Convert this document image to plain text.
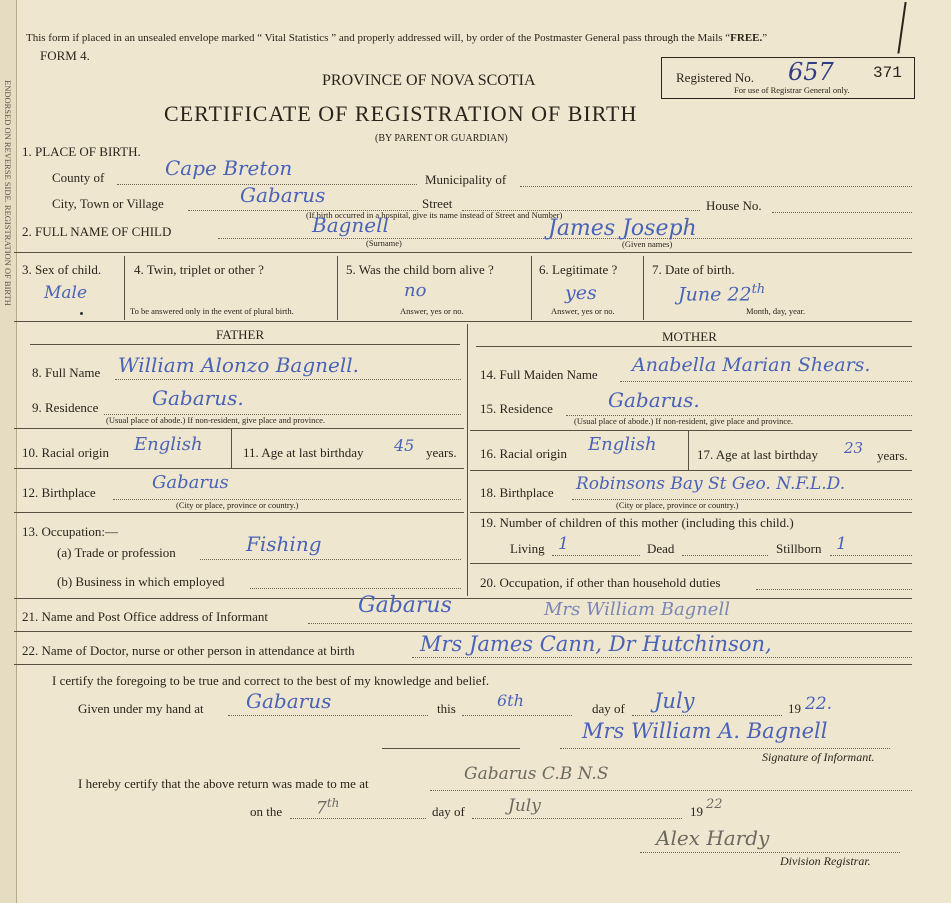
ENDORSED ON REVERSE SIDE. REGISTRATION OF BIRTH
This form if placed in an unsealed envelope marked “ Vital Statistics ” and properly addressed will, by order of the Postmaster General pass through the Mails “FREE.”
FORM 4.
PROVINCE OF NOVA SCOTIA
CERTIFICATE OF REGISTRATION OF BIRTH
(BY PARENT OR GUARDIAN)
Registered No. 657 371
For use of Registrar General only.
1. PLACE OF BIRTH.
County of	Cape Breton	Municipality of
City, Town or Village	Gabarus	Street	House No.
(If birth occurred in a hospital, give its name instead of Street and Number)
2. FULL NAME OF CHILD	Bagnell
(Surname)
James Joseph
(Given names)
3. Sex of child.
Male
4. Twin, triplet or other ?
To be answered only in the event of plural birth.
5. Was the child born alive ?
no
Answer, yes or no.
6. Legitimate ?
yes
Answer, yes or no.
7. Date of birth.
June 22th
Month, day, year.
FATHER
8. Full Name William Alonzo Bagnell.
9. Residence	Gabarus.
(Usual place of abode.) If non-resident, give place and province.
10. Racial origin English	11. Age at last birthday 45 years.
12. Birthplace	Gabarus
(City or place, province or country.)
13. Occupation:—
(a) Trade or profession	Fishing
(b) Business in which employed
MOTHER
14. Full Maiden Name Anabella Marian Shears.
15. Residence	Gabarus.
(Usual place of abode.) If non-resident, give place and province.
16. Racial origin English	17. Age at last birthday 23 years.
18. Birthplace Robinsons Bay St Geo. N.F.L.D.
(City or place, province or country.)
19. Number of children of this mother (including this child.)
Living 1	Dead	Stillborn 1
20. Occupation, if other than household duties
21. Name and Post Office address of Informant	Gabarus	Mrs William Bagnell
22. Name of Doctor, nurse or other person in attendance at birth	Mrs James Cann, Dr Hutchinson,
I certify the foregoing to be true and correct to the best of my knowledge and belief.
Given under my hand at Gabarus	this	6th	day of July	19 22.
Mrs William A. Bagnell
Signature of Informant.
I hereby certify that the above return was made to me at	Gabarus C.B N.S
on the 7th
day of	July	19 22
Alex Hardy
Division Registrar.
